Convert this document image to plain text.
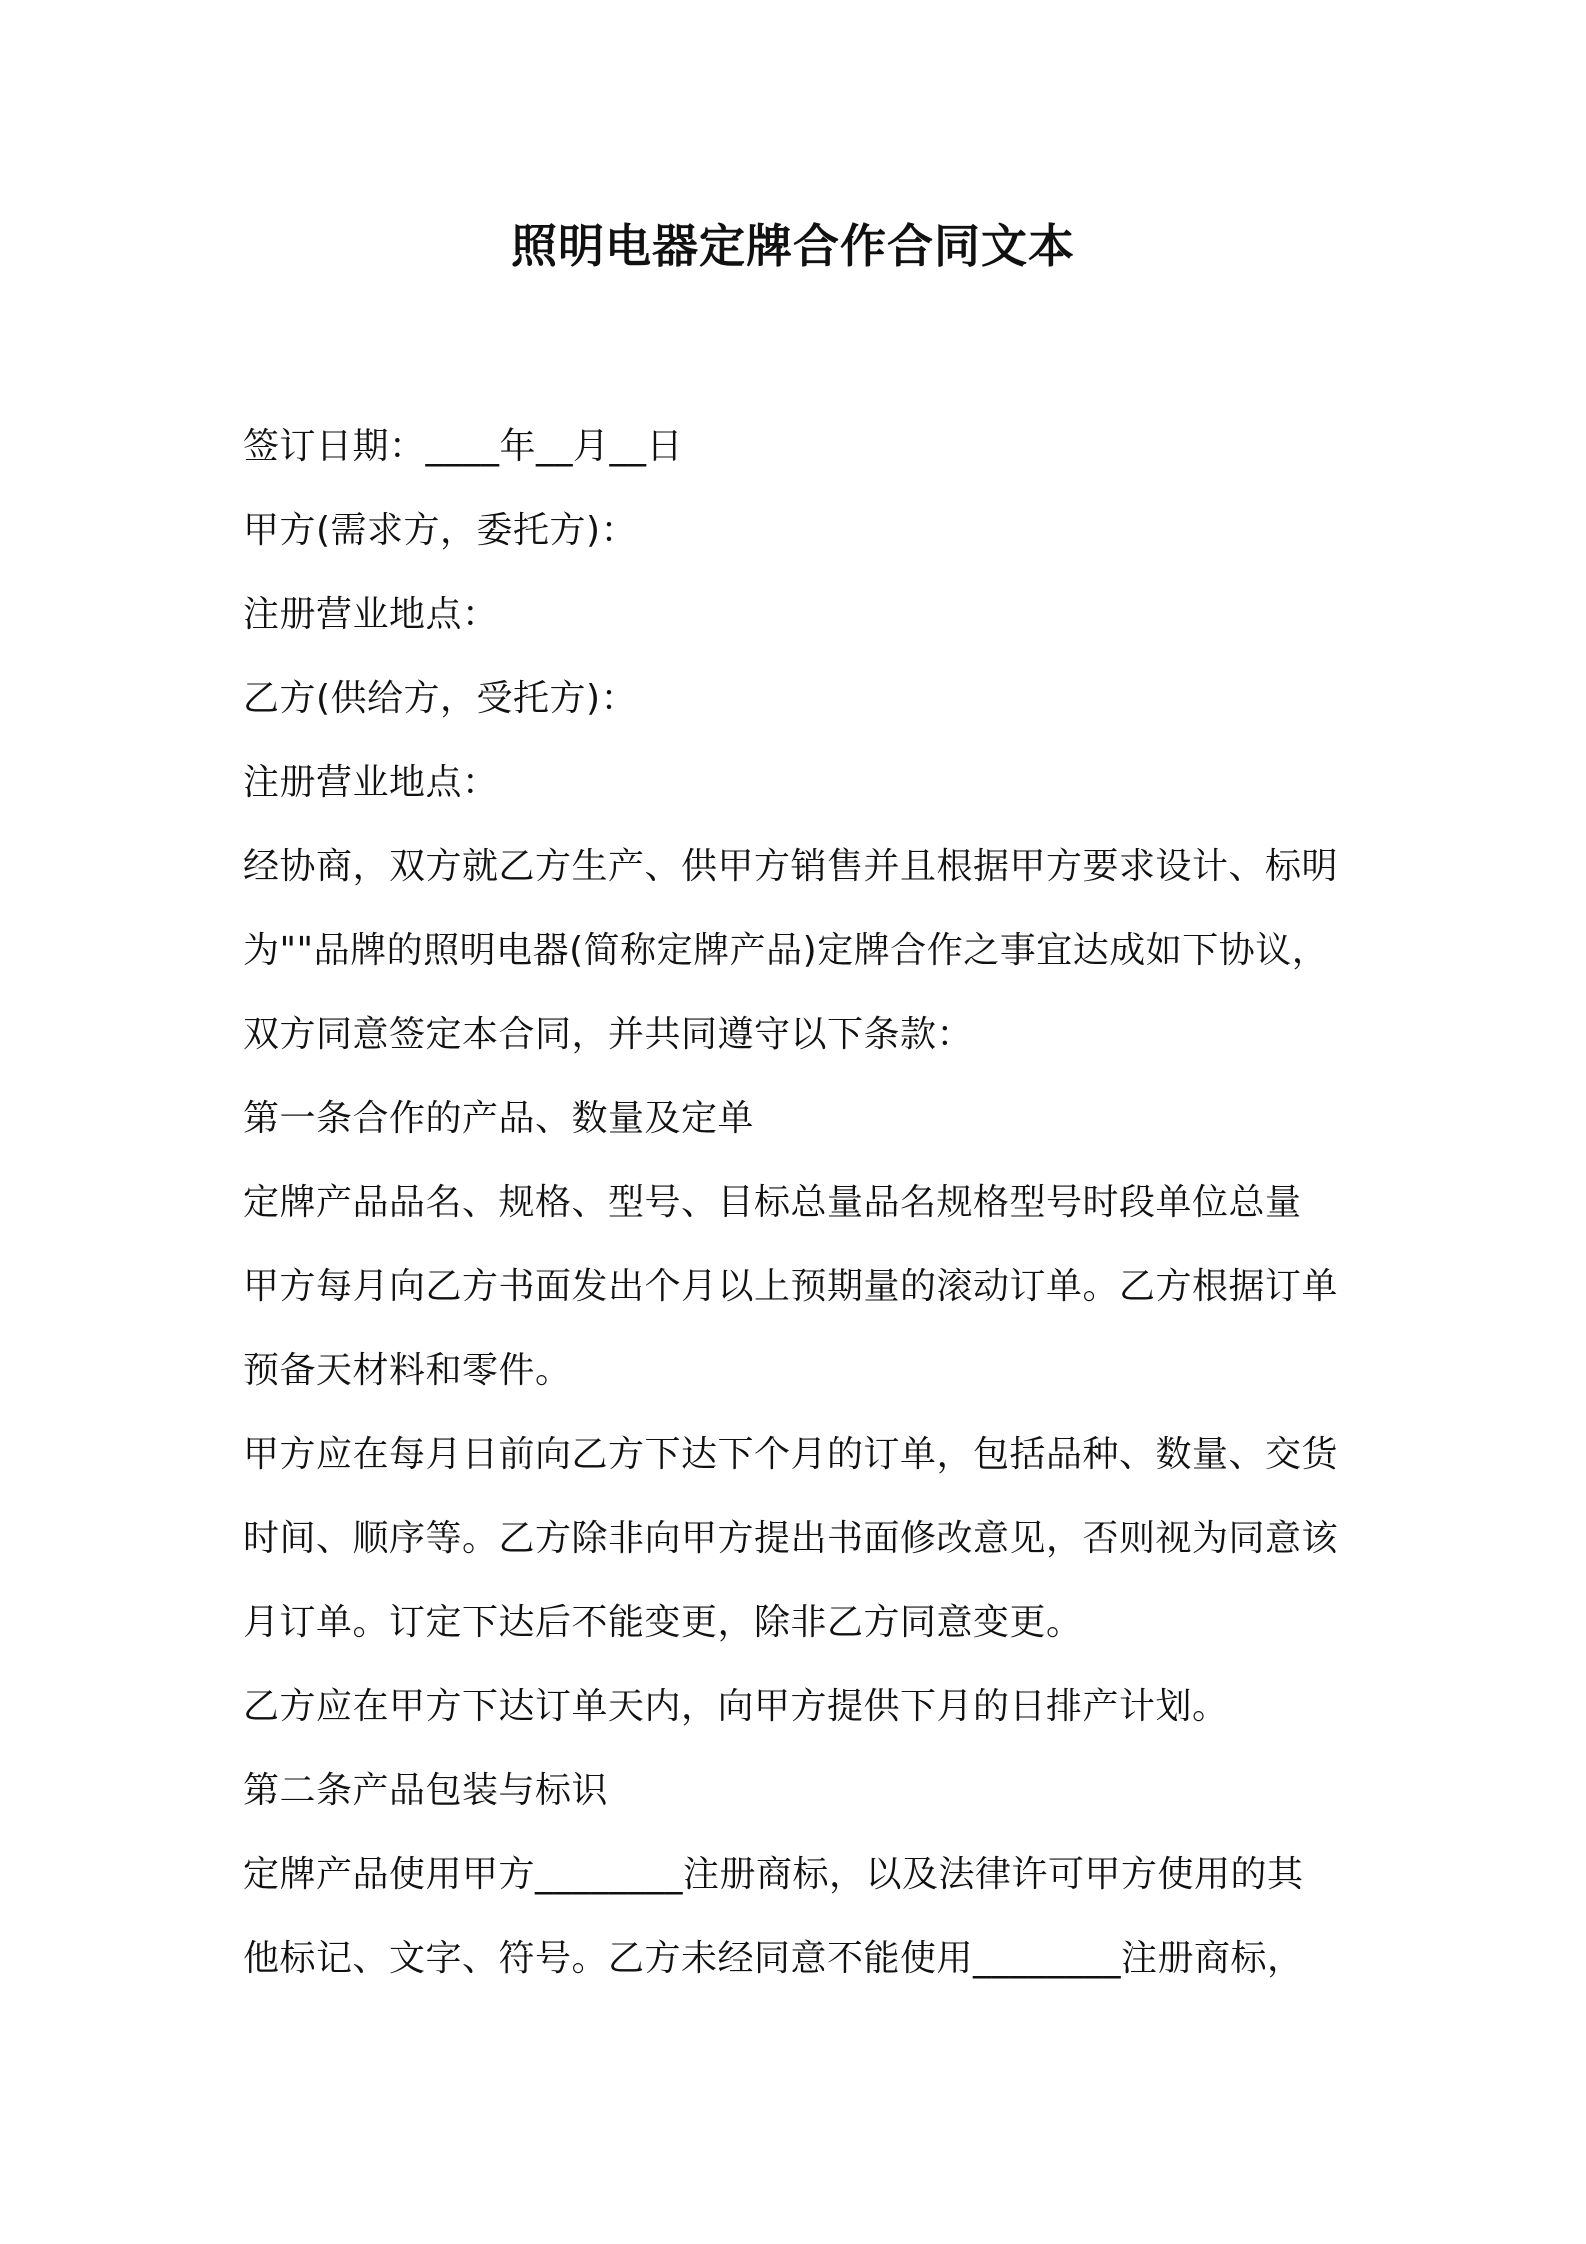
照明电器定牌合作合同文本
签订日期：____年__月__日
甲方(需求方，委托方)：
注册营业地点：
乙方(供给方，受托方)：
注册营业地点：
经协商，双方就乙方生产、供甲方销售并且根据甲方要求设计、标明
为""品牌的照明电器(简称定牌产品)定牌合作之事宜达成如下协议，
双方同意签定本合同，并共同遵守以下条款：
第一条合作的产品、数量及定单
定牌产品品名、规格、型号、目标总量品名规格型号时段单位总量
甲方每月向乙方书面发出个月以上预期量的滚动订单。乙方根据订单
预备天材料和零件。
甲方应在每月日前向乙方下达下个月的订单，包括品种、数量、交货
时间、顺序等。乙方除非向甲方提出书面修改意见，否则视为同意该
月订单。订定下达后不能变更，除非乙方同意变更。
乙方应在甲方下达订单天内，向甲方提供下月的日排产计划。
第二条产品包装与标识
定牌产品使用甲方________注册商标，以及法律许可甲方使用的其
他标记、文字、符号。乙方未经同意不能使用________注册商标，
